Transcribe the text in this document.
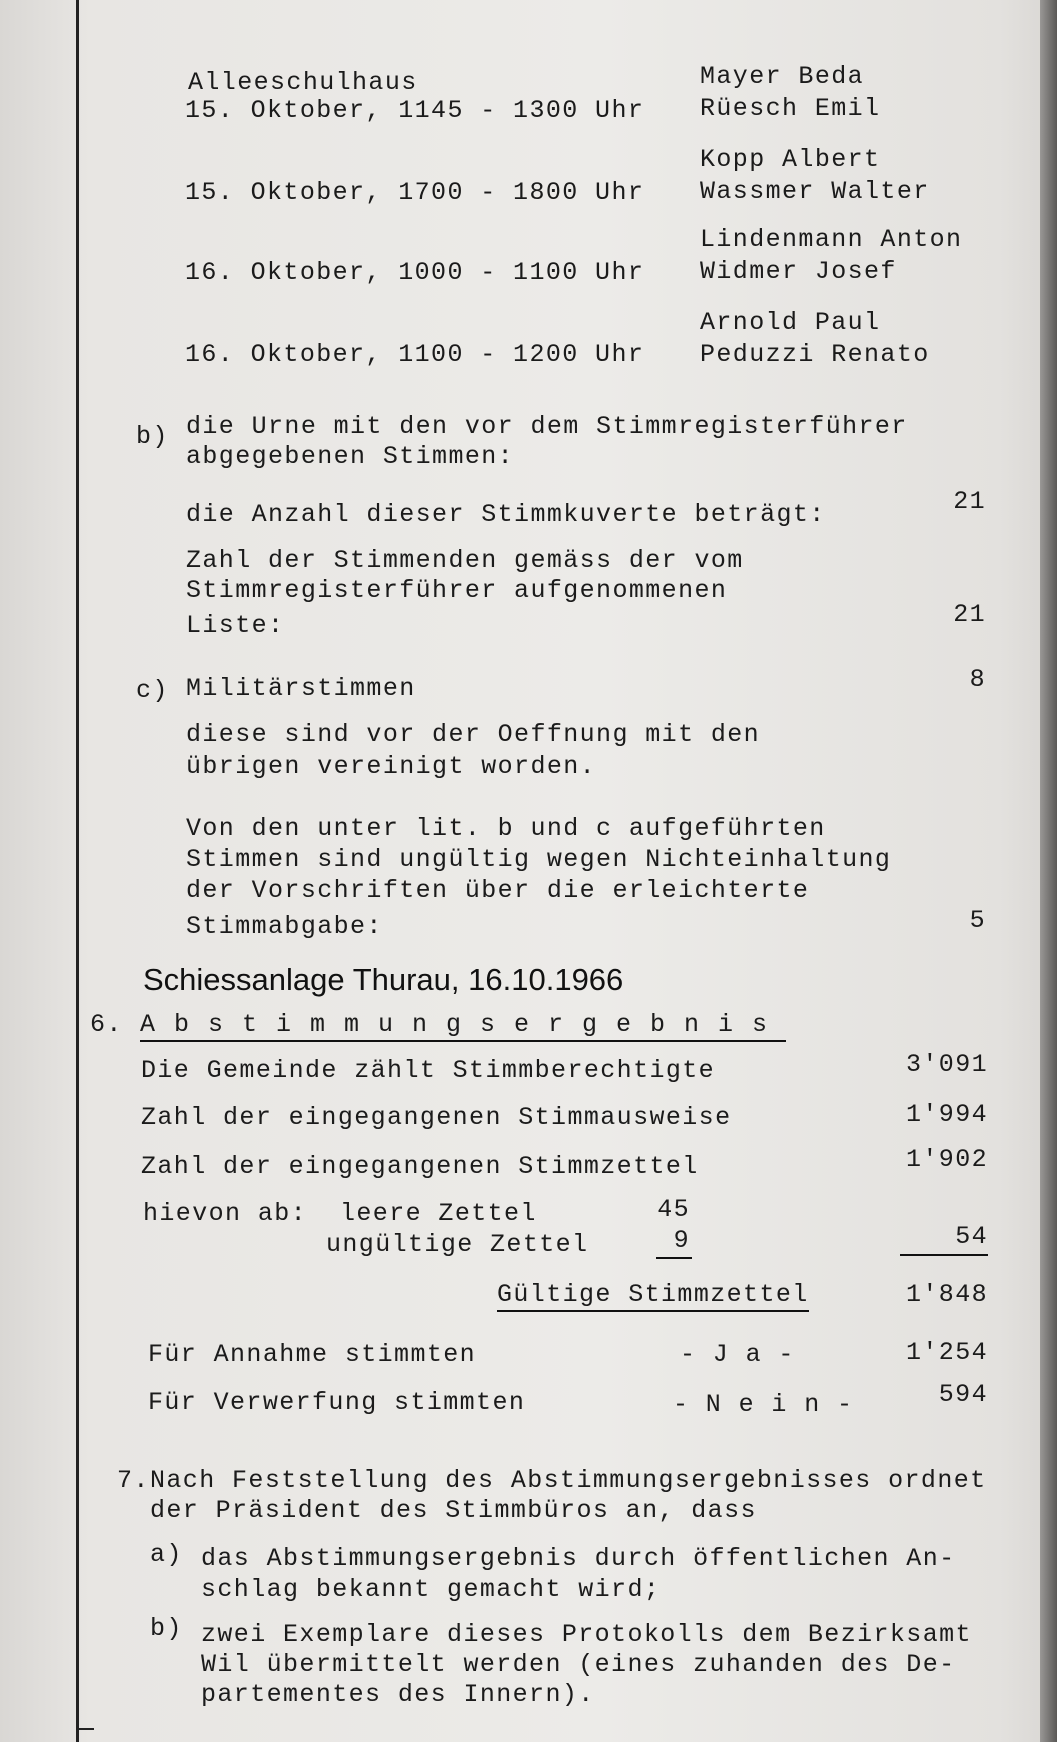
Alleeschulhaus
15. Oktober, 1145 - 1300 Uhr
Mayer Beda
Rüesch Emil
15. Oktober, 1700 - 1800 Uhr
Kopp Albert
Wassmer Walter
16. Oktober, 1000 - 1100 Uhr
Lindenmann Anton
Widmer Josef
16. Oktober, 1100 - 1200 Uhr
Arnold Paul
Peduzzi Renato
b) die Urne mit den vor dem Stimmregisterführer
abgegebenen Stimmen:
die Anzahl dieser Stimmkuverte beträgt:	21
Zahl der Stimmenden gemäss der vom
Stimmregisterführer aufgenommenen
Liste:	21
c) Militärstimmen	8
diese sind vor der Oeffnung mit den
übrigen vereinigt worden.
Von den unter lit. b und c aufgeführten
Stimmen sind ungültig wegen Nichteinhaltung
der Vorschriften über die erleichterte
Stimmabgabe:	5
Schiessanlage Thurau, 16.10.1966
6. Abstimmungsergebnis
Die Gemeinde zählt Stimmberechtigte	3'091
Zahl der eingegangenen Stimmausweise	1'994
Zahl der eingegangenen Stimmzettel	1'902
hievon ab: leere Zettel	45
ungültige Zettel	9	54
Gültige Stimmzettel	1'848
Für Annahme stimmten	- J a -	1'254
Für Verwerfung stimmten	- N e i n -	594
7. Nach Feststellung des Abstimmungsergebnisses ordnet
der Präsident des Stimmbüros an, dass
a) das Abstimmungsergebnis durch öffentlichen An-
schlag bekannt gemacht wird;
b) zwei Exemplare dieses Protokolls dem Bezirksamt
Wil übermittelt werden (eines zuhanden des De-
partementes des Innern).
